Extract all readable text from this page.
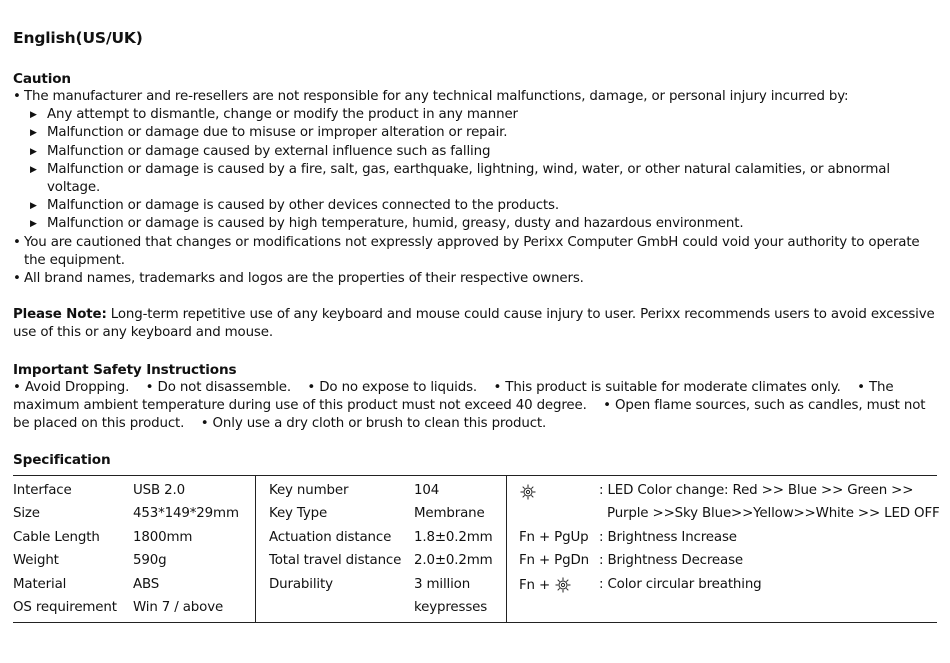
English(US/UK)

Caution

• The manufacturer and re-resellers are not responsible for any technical malfunctions, damage, or personal injury incurred by:
▶ Any attempt to dismantle, change or modify the product in any manner
▶ Malfunction or damage due to misuse or improper alteration or repair.
▶ Malfunction or damage caused by external influence such as falling
▶ Malfunction or damage is caused by a fire, salt, gas, earthquake, lightning, wind, water, or other natural calamities, or abnormal voltage.
▶ Malfunction or damage is caused by other devices connected to the products.
▶ Malfunction or damage is caused by high temperature, humid, greasy, dusty and hazardous environment.
• You are cautioned that changes or modifications not expressly approved by Perixx Computer GmbH could void your authority to operate the equipment.
• All brand names, trademarks and logos are the properties of their respective owners.

Please Note: Long-term repetitive use of any keyboard and mouse could cause injury to user. Perixx recommends users to avoid excessive use of this or any keyboard and mouse.

Important Safety Instructions

• Avoid Dropping.    • Do not disassemble.    • Do no expose to liquids.    • This product is suitable for moderate climates only.    • The maximum ambient temperature during use of this product must not exceed 40 degree.    • Open flame sources, such as candles, must not be placed on this product.    • Only use a dry cloth or brush to clean this product.

Specification

Interface	USB 2.0
Size	453*149*29mm
Cable Length 1800mm
Weight	590g
Material	ABS
OS requirement Win 7 / above
Key number	104
Key Type	Membrane
Actuation distance 1.8±0.2mm
Total travel distance 2.0±0.2mm
Durability	3 million
keypresses
: LED Color change: Red >> Blue >> Green >>
Purple >>Sky Blue>>Yellow>>White >> LED OFF
Fn + PgUp : Brightness Increase
Fn + PgDn : Brightness Decrease
Fn +	: Color circular breathing
